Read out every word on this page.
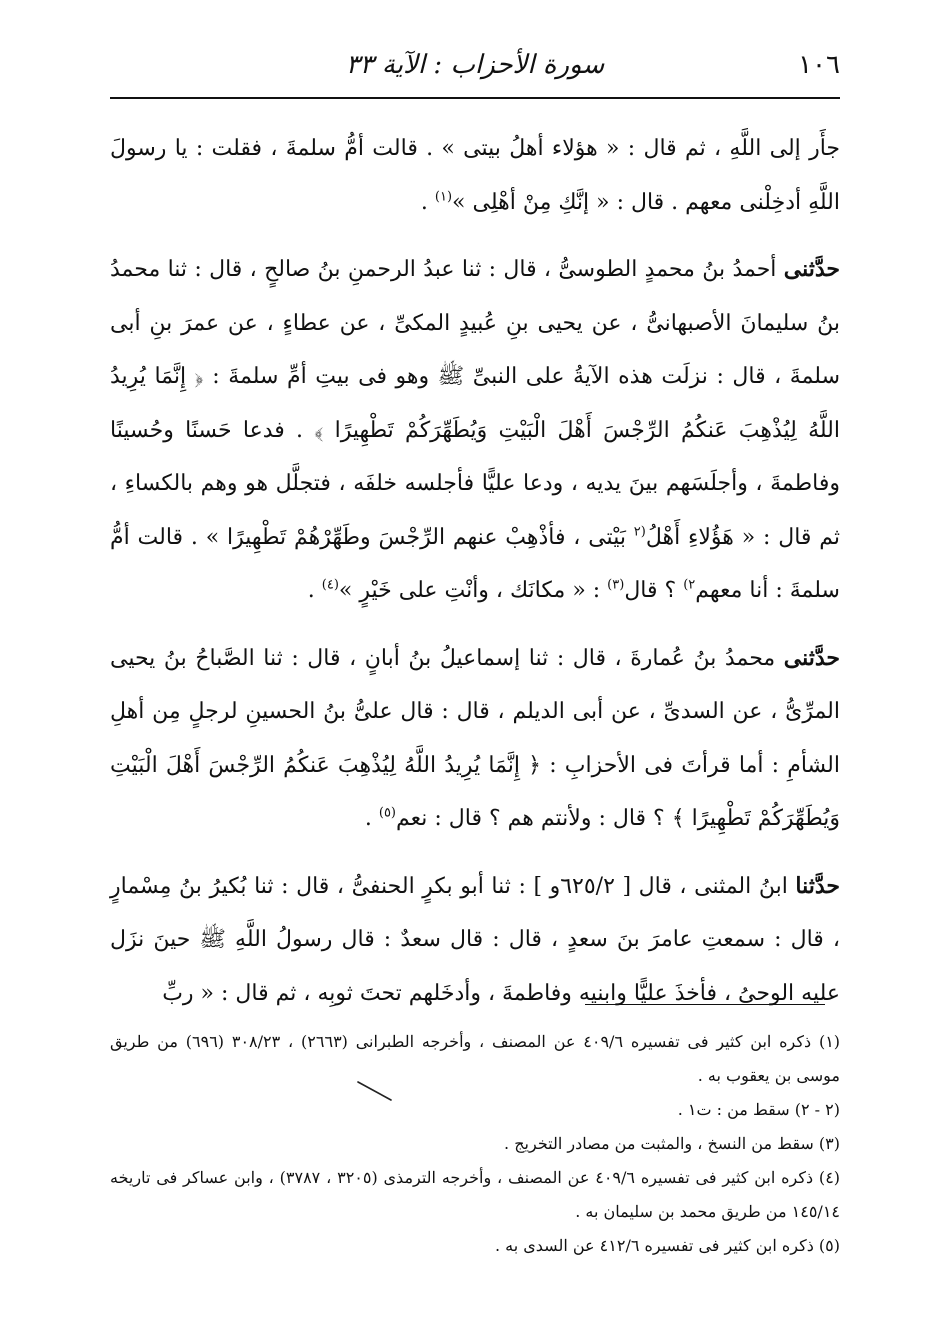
١٠٦
سورة الأحزاب : الآية ٣٣

جأَر إلى اللَّهِ ، ثم قال : « هؤلاء أهلُ بيتى » . قالت أمُّ سلمةَ ، فقلت : يا رسولَ اللَّهِ أدخِلْنى معهم . قال : « إنَّكِ مِنْ أهْلِى »$^{(١)}$ .

حدَّثنى أحمدُ بنُ محمدٍ الطوسىُّ ، قال : ثنا عبدُ الرحمنِ بنُ صالحٍ ، قال : ثنا محمدُ بنُ سليمانَ الأصبهانىُّ ، عن يحيى بنِ عُبيدٍ المكىِّ ، عن عطاءٍ ، عن عمرَ بنِ أبى سلمةَ ، قال : نزلَت هذه الآيةُ على النبىِّ ﷺ وهو فى بيتِ أمِّ سلمةَ : ﴿ إِنَّمَا يُرِيدُ اللَّهُ لِيُذْهِبَ عَنكُمُ الرِّجْسَ أَهْلَ الْبَيْتِ وَيُطَهِّرَكُمْ تَطْهِيرًا ﴾ . فدعا حَسنًا وحُسينًا وفاطمةَ ، وأجلَسَهم بينَ يديه ، ودعا عليًّا فأجلسه خلفَه ، فتجلَّل هو وهم بالكساءِ ، ثم قال : « هَؤُلاءِ أَهْلُ$^{(٢}$ بَيْتى ، فأذْهِبْ عنهم الرِّجْسَ وطَهِّرْهُمْ تَطْهِيرًا » . قالت أمُّ سلمةَ : أنا معهم$^{٢)}$ ؟ قال$^{(٣)}$ : « مكانَك ، وأنْتِ على خَيْرٍ »$^{(٤)}$ .

حدَّثنى محمدُ بنُ عُمارةَ ، قال : ثنا إسماعيلُ بنُ أبانٍ ، قال : ثنا الصَّباحُ بنُ يحيى المرِّىُّ ، عن السدىِّ ، عن أبى الديلم ، قال : قال علىُّ بنُ الحسينِ لرجلٍ مِن أهلِ الشأمِ : أما قرأتَ فى الأحزابِ : ﴿ إِنَّمَا يُرِيدُ اللَّهُ لِيُذْهِبَ عَنكُمُ الرِّجْسَ أَهْلَ الْبَيْتِ وَيُطَهِّرَكُمْ تَطْهِيرًا ﴾ ؟ قال : ولأنتم هم ؟ قال : نعم$^{(٥)}$ .

حدَّثنا ابنُ المثنى ، قال [ ٦٢٥/٢و ] : ثنا أبو بكرٍ الحنفىُّ ، قال : ثنا بُكيرُ بنُ مِسْمارٍ ، قال : سمعتِ عامرَ بنَ سعدٍ ، قال : قال سعدٌ : قال رسولُ اللَّهِ ﷺ حينَ نزَل عليه الوحىُ ، فأخذَ عليًّا وابنيه وفاطمةَ ، وأدخَلهم تحتَ ثوبِه ، ثم قال : « ربِّ

(١) ذكره ابن كثير فى تفسيره ٤٠٩/٦ عن المصنف ، وأخرجه الطبرانى (٢٦٦٣) ، ٣٠٨/٢٣ (٦٩٦) من طريق موسى بن يعقوب به .

(٢ - ٢) سقط من : ت١ .

(٣) سقط من النسخ ، والمثبت من مصادر التخريج .

(٤) ذكره ابن كثير فى تفسيره ٤٠٩/٦ عن المصنف ، وأخرجه الترمذى (٣٢٠٥ ، ٣٧٨٧) ، وابن عساكر فى تاريخه ١٤٥/١٤ من طريق محمد بن سليمان به .

(٥) ذكره ابن كثير فى تفسيره ٤١٢/٦ عن السدى به .
